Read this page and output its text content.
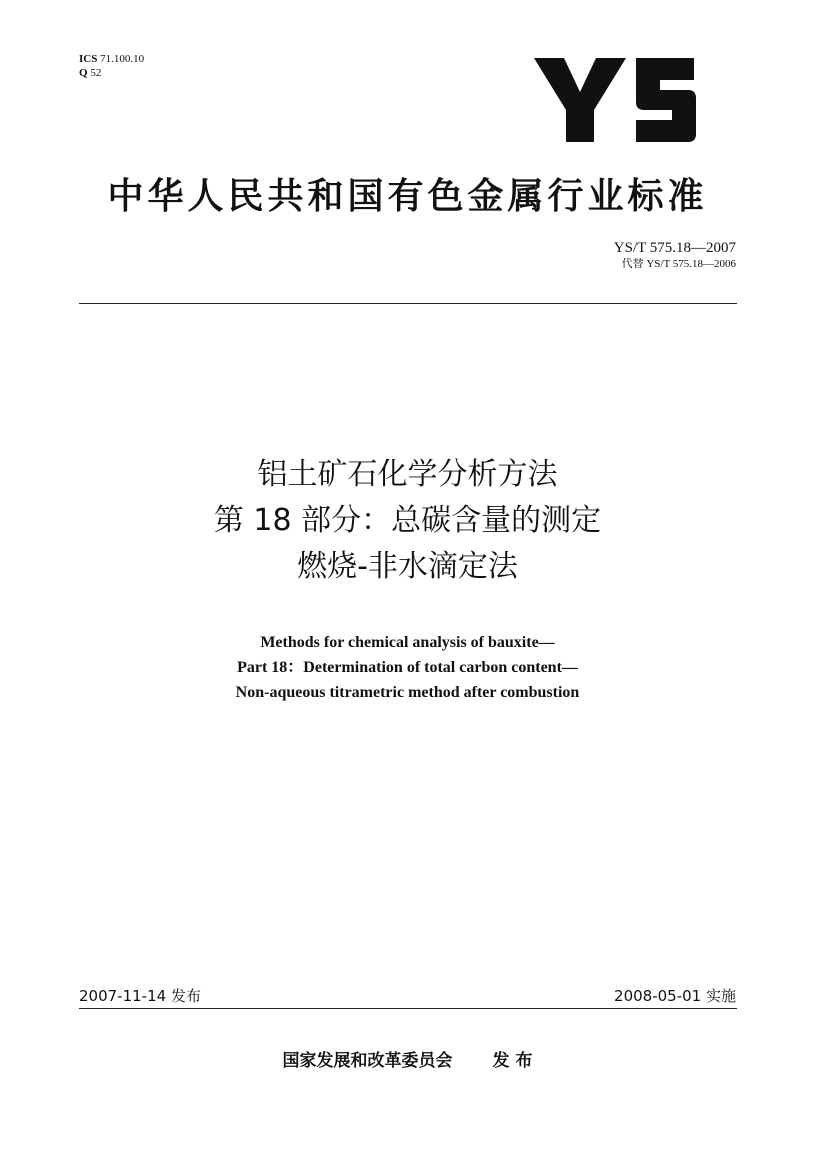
ICS 71.100.10
Q 52
YS
中华人民共和国有色金属行业标准
YS/T 575.18—2007
代替 YS/T 575.18—2006
铝土矿石化学分析方法
第 18 部分：总碳含量的测定
燃烧-非水滴定法
Methods for chemical analysis of bauxite—
Part 18：Determination of total carbon content—
Non-aqueous titrametric method after combustion
2007-11-14 发布	2008-05-01 实施
国家发展和改革委员会 发 布
